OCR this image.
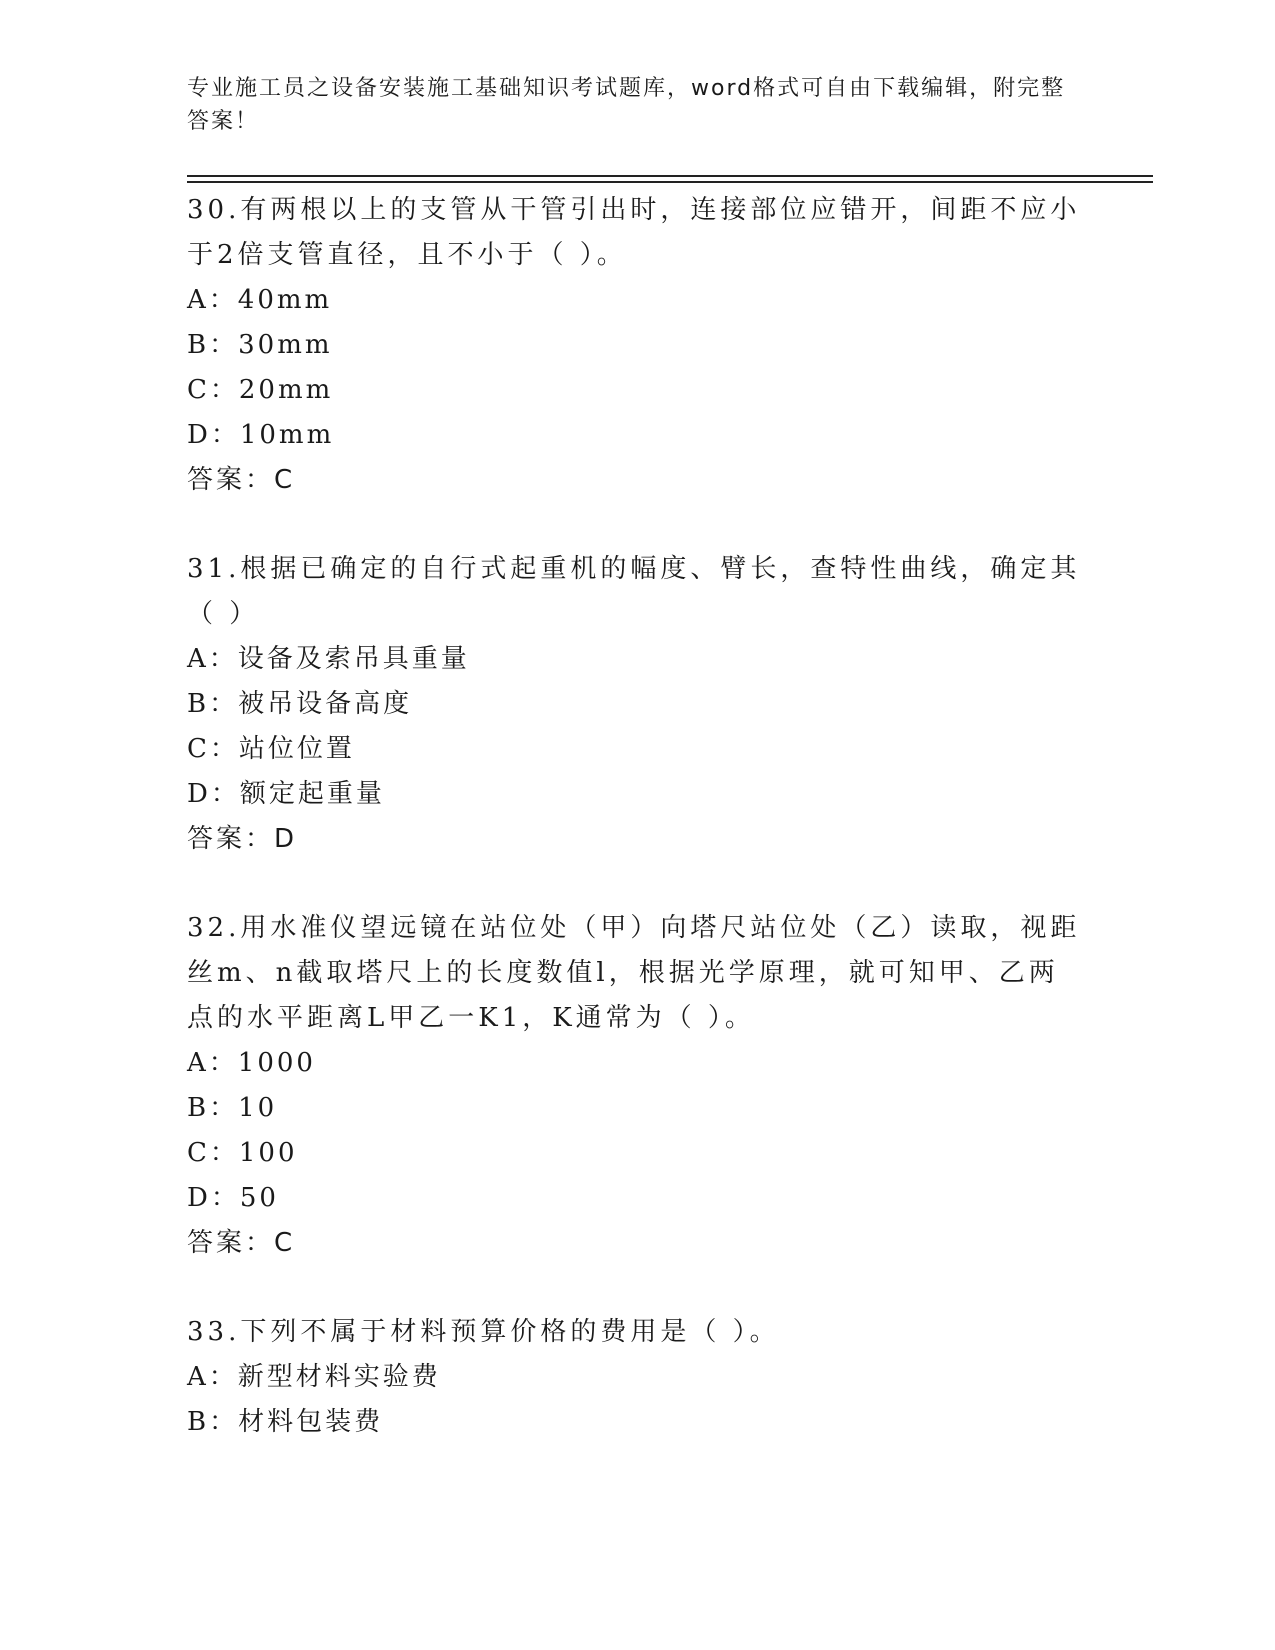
专业施工员之设备安装施工基础知识考试题库，word格式可自由下载编辑，附完整答案！

30.有两根以上的支管从干管引出时，连接部位应错开，间距不应小于2倍支管直径，且不小于（ ）。

A：40mm

B：30mm

C：20mm

D：10mm

答案：C

31.根据已确定的自行式起重机的幅度、臂长，查特性曲线，确定其（ ）

A：设备及索吊具重量

B：被吊设备高度

C：站位位置

D：额定起重量

答案：D

32.用水准仪望远镜在站位处（甲）向塔尺站位处（乙）读取，视距丝m、n截取塔尺上的长度数值l，根据光学原理，就可知甲、乙两点的水平距离L甲乙一K1，K通常为（ ）。

A：1000

B：10

C：100

D：50

答案：C

33.下列不属于材料预算价格的费用是（ ）。

A：新型材料实验费

B：材料包装费
